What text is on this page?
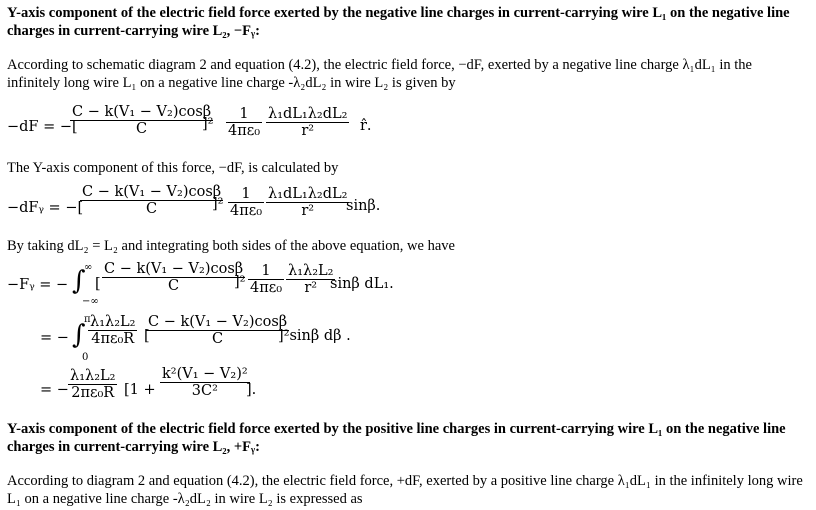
Y-axis component of the electric field force exerted by the negative line charges in current-carrying wire L₁ on the negative line charges in current-carrying wire L₂, −Fᵧ:
According to schematic diagram 2 and equation (4.2), the electric field force, −dF, exerted by a negative line charge λ₁dL₁ in the infinitely long wire L₁ on a negative line charge -λ₂dL₂ in wire L₂ is given by
−dF = −[
$\frac{\text{C − k(V₁ − V₂)cosβ}}{C}$
]$^2 \frac{1}{\text{4πε₀}} \frac{\text{λ₁dL₁λ₂dL₂}}{\text{r²}}$ r̂.
The Y-axis component of this force, −dF, is calculated by
−dFᵧ = −[
$\frac{\text{C − k(V₁ − V₂)cosβ}}{C}$
]$^2 \frac{1}{\text{4πε₀}} \frac{\text{λ₁dL₁λ₂dL₂}}{\text{r²}}$
sinβ.
By taking dL₂ = L₂ and integrating both sides of the above equation, we have
−Fᵧ = − ∫
∞
−∞
[ $\frac{\text{C − k(V₁ − V₂)cosβ}}{C}$
]$^2 \frac{1}{\text{4πε₀}} \frac{\text{λ₁λ₂L₂}}{\text{r²}}$
sinβ dL₁.
= − ∫
π
0
$\frac{\text{λ₁λ₂L₂}}{\text{4πε₀R}}$ [
$\frac{\text{C − k(V₁ − V₂)cosβ}}{C}$
]²sinβ dβ .
= − $\frac{\text{λ₁λ₂L₂}}{\text{2πε₀R}} [1 + \frac{\text{k²(V₁ − V₂)²}}{\text{3C²}}$
].
Y-axis component of the electric field force exerted by the positive line charges in current-carrying wire L₁ on the negative line charges in current-carrying wire L₂, +Fᵧ:
According to diagram 2 and equation (4.2), the electric field force, +dF, exerted by a positive line charge λ₁dL₁ in the infinitely long wire L₁ on a negative line charge -λ₂dL₂ in wire L₂ is expressed as
